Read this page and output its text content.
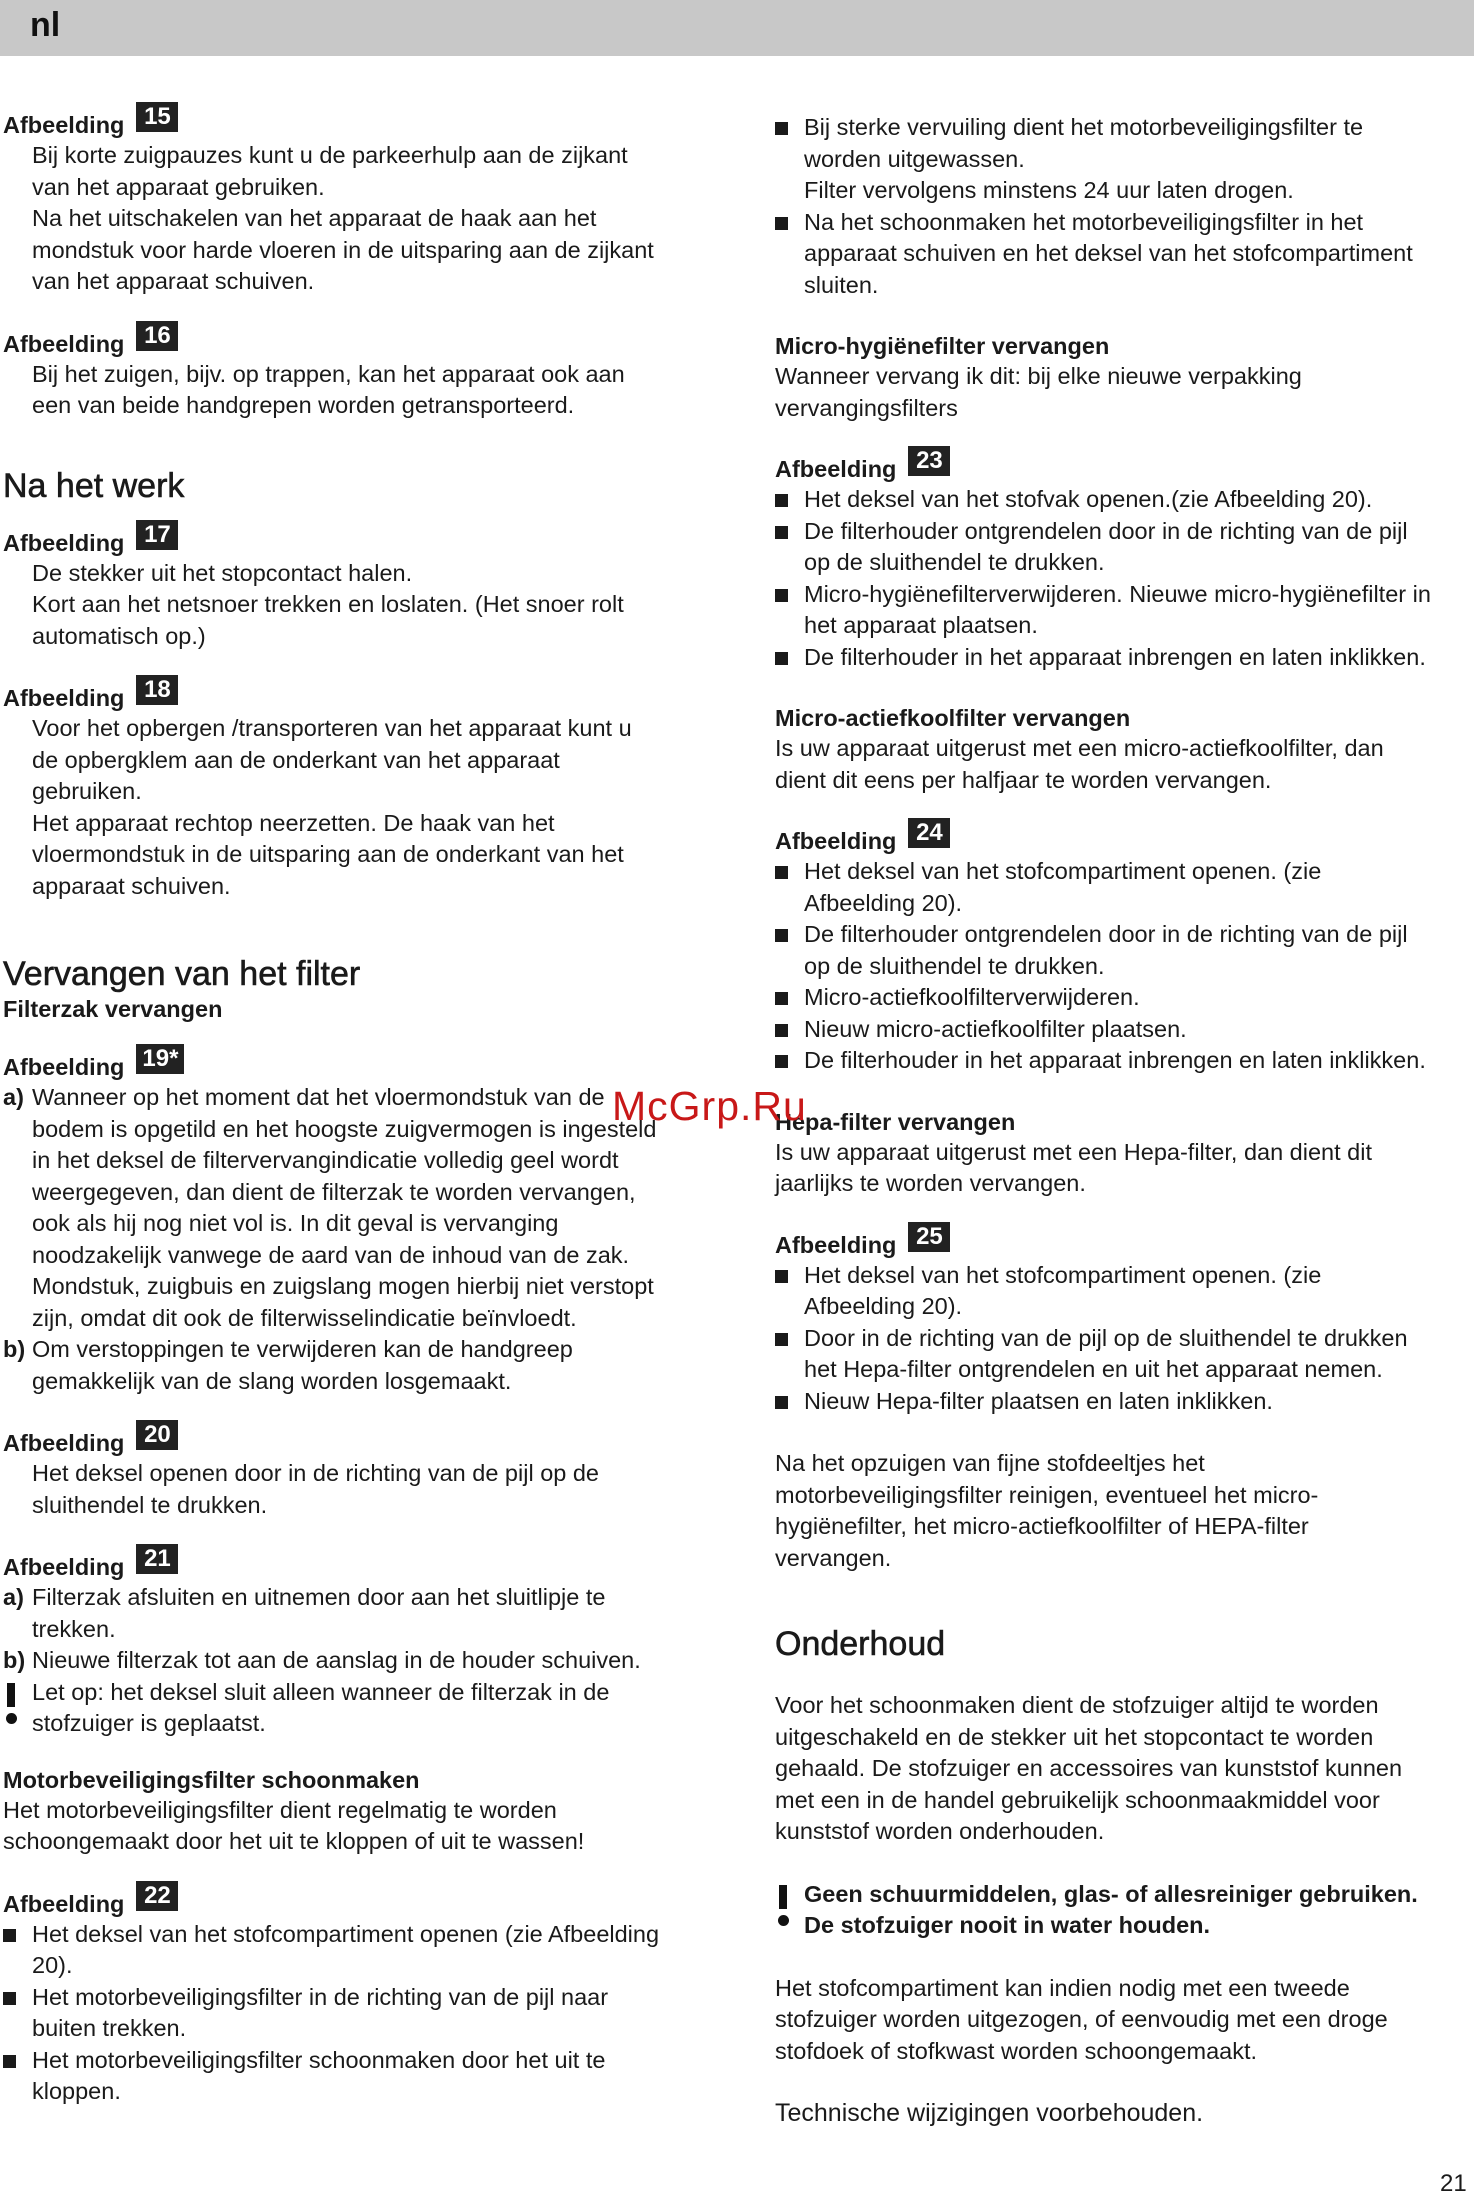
nl
Afbeelding 15
Bij korte zuigpauzes kunt u de parkeerhulp aan de zijkant
van het apparaat gebruiken.
Na het uitschakelen van het apparaat de haak aan het
mondstuk voor harde vloeren in de uitsparing aan de zijkant
van het apparaat schuiven.
Afbeelding 16
Bij het zuigen, bijv. op trappen, kan het apparaat ook aan
een van beide handgrepen worden getransporteerd.
Na het werk
Afbeelding 17
De stekker uit het stopcontact halen.
Kort aan het netsnoer trekken en loslaten. (Het snoer rolt
automatisch op.)
Afbeelding 18
Voor het opbergen /transporteren van het apparaat kunt u
de opbergklem aan de onderkant van het apparaat
gebruiken.
Het apparaat rechtop neerzetten. De haak van het
vloermondstuk in de uitsparing aan de onderkant van het
apparaat schuiven.
Vervangen van het filter
Filterzak vervangen
Afbeelding 19*
a) Wanneer op het moment dat het vloermondstuk van de
bodem is opgetild en het hoogste zuigvermogen is ingesteld
in het deksel de filtervervangindicatie volledig geel wordt
weergegeven, dan dient de filterzak te worden vervangen,
ook als hij nog niet vol is. In dit geval is vervanging
noodzakelijk vanwege de aard van de inhoud van de zak.
Mondstuk, zuigbuis en zuigslang mogen hierbij niet verstopt
zijn, omdat dit ook de filterwisselindicatie beïnvloedt.
b) Om verstoppingen te verwijderen kan de handgreep
gemakkelijk van de slang worden losgemaakt.
Afbeelding 20
Het deksel openen door in de richting van de pijl op de
sluithendel te drukken.
Afbeelding 21
a) Filterzak afsluiten en uitnemen door aan het sluitlipje te
trekken.
b) Nieuwe filterzak tot aan de aanslag in de houder schuiven.
Let op: het deksel sluit alleen wanneer de filterzak in de
stofzuiger is geplaatst.
Motorbeveiligingsfilter schoonmaken
Het motorbeveiligingsfilter dient regelmatig te worden
schoongemaakt door het uit te kloppen of uit te wassen!
Afbeelding 22
Het deksel van het stofcompartiment openen (zie Afbeelding
20).
Het motorbeveiligingsfilter in de richting van de pijl naar
buiten trekken.
Het motorbeveiligingsfilter schoonmaken door het uit te
kloppen.
Bij sterke vervuiling dient het motorbeveiligingsfilter te
worden uitgewassen.
Filter vervolgens minstens 24 uur laten drogen.
Na het schoonmaken het motorbeveiligingsfilter in het
apparaat schuiven en het deksel van het stofcompartiment
sluiten.
Micro-hygiënefilter vervangen
Wanneer vervang ik dit: bij elke nieuwe verpakking
vervangingsfilters
Afbeelding 23
Het deksel van het stofvak openen.(zie Afbeelding 20).
De filterhouder ontgrendelen door in de richting van de pijl
op de sluithendel te drukken.
Micro-hygiënefilterverwijderen. Nieuwe micro-hygiënefilter in
het apparaat plaatsen.
De filterhouder in het apparaat inbrengen en laten inklikken.
Micro-actiefkoolfilter vervangen
Is uw apparaat uitgerust met een micro-actiefkoolfilter, dan
dient dit eens per halfjaar te worden vervangen.
Afbeelding 24
Het deksel van het stofcompartiment openen. (zie
Afbeelding 20).
De filterhouder ontgrendelen door in de richting van de pijl
op de sluithendel te drukken.
Micro-actiefkoolfilterverwijderen.
Nieuw micro-actiefkoolfilter plaatsen.
De filterhouder in het apparaat inbrengen en laten inklikken.
Hepa-filter vervangen
Is uw apparaat uitgerust met een Hepa-filter, dan dient dit
jaarlijks te worden vervangen.
Afbeelding 25
Het deksel van het stofcompartiment openen. (zie
Afbeelding 20).
Door in de richting van de pijl op de sluithendel te drukken
het Hepa-filter ontgrendelen en uit het apparaat nemen.
Nieuw Hepa-filter plaatsen en laten inklikken.
Na het opzuigen van fijne stofdeeltjes het
motorbeveiligingsfilter reinigen, eventueel het micro-
hygiënefilter, het micro-actiefkoolfilter of HEPA-filter
vervangen.
Onderhoud
Voor het schoonmaken dient de stofzuiger altijd te worden
uitgeschakeld en de stekker uit het stopcontact te worden
gehaald. De stofzuiger en accessoires van kunststof kunnen
met een in de handel gebruikelijk schoonmaakmiddel voor
kunststof worden onderhouden.
Geen schuurmiddelen, glas- of allesreiniger gebruiken.
De stofzuiger nooit in water houden.
Het stofcompartiment kan indien nodig met een tweede
stofzuiger worden uitgezogen, of eenvoudig met een droge
stofdoek of stofkwast worden schoongemaakt.
Technische wijzigingen voorbehouden.
McGrp.Ru
21
